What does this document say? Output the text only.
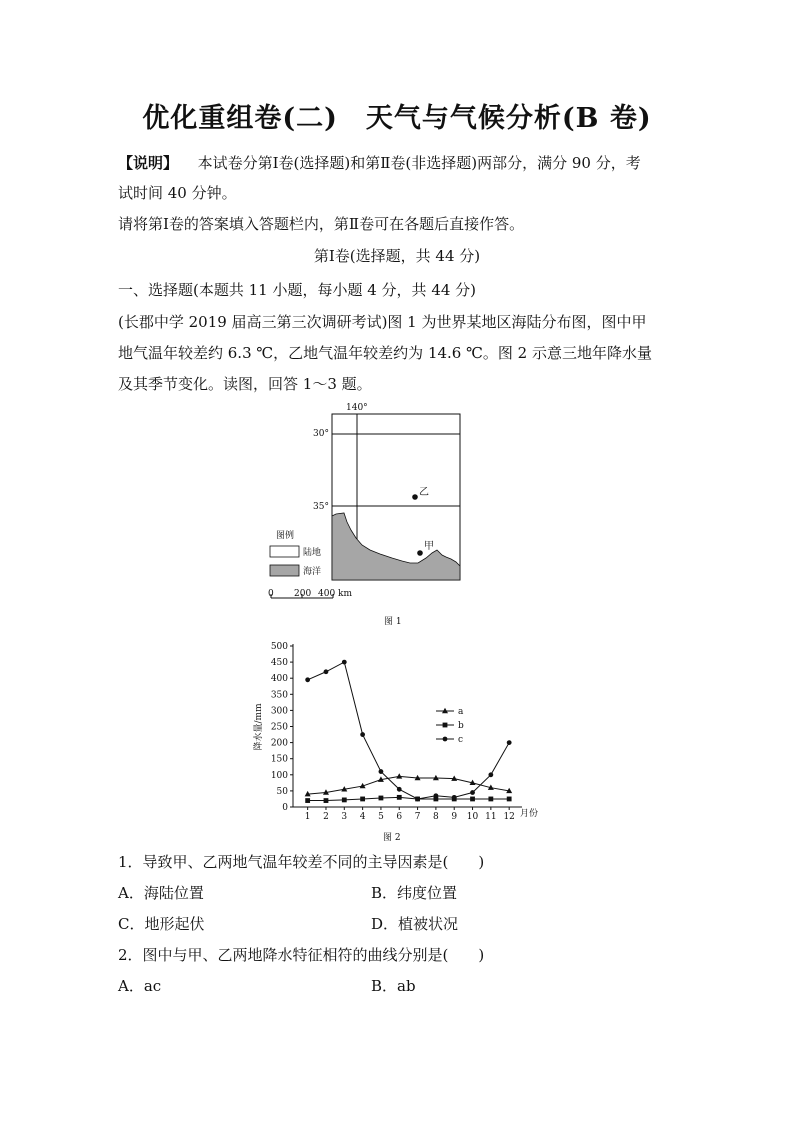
优化重组卷(二)　天气与气候分析(B 卷)
【说明】 本试卷分第Ⅰ卷(选择题)和第Ⅱ卷(非选择题)两部分，满分 90 分，考
试时间 40 分钟。
请将第Ⅰ卷的答案填入答题栏内，第Ⅱ卷可在各题后直接作答。
第Ⅰ卷(选择题，共 44 分)
一、选择题(本题共 11 小题，每小题 4 分，共 44 分)
(长郡中学 2019 届高三第三次调研考试)图 1 为世界某地区海陆分布图，图中甲
地气温年较差约 6.3 ℃，乙地气温年较差约为 14.6 ℃。图 2 示意三地年降水量
及其季节变化。读图，回答 1～3 题。
140°
30°
35°
乙
甲
图例
陆地
海洋
0 200 400 km
图 1
0
50
100
150
200
250
300
350
400
450
500
1 2 3 4 5 6 7 8 9 10 11 12
降水量/mm
月份
图 2
a
b
c
1．导致甲、乙两地气温年较差不同的主导因素是(　　)
A．海陆位置	B．纬度位置
C．地形起伏	D．植被状况
2．图中与甲、乙两地降水特征相符的曲线分别是(　　)
A．ac	B．ab
